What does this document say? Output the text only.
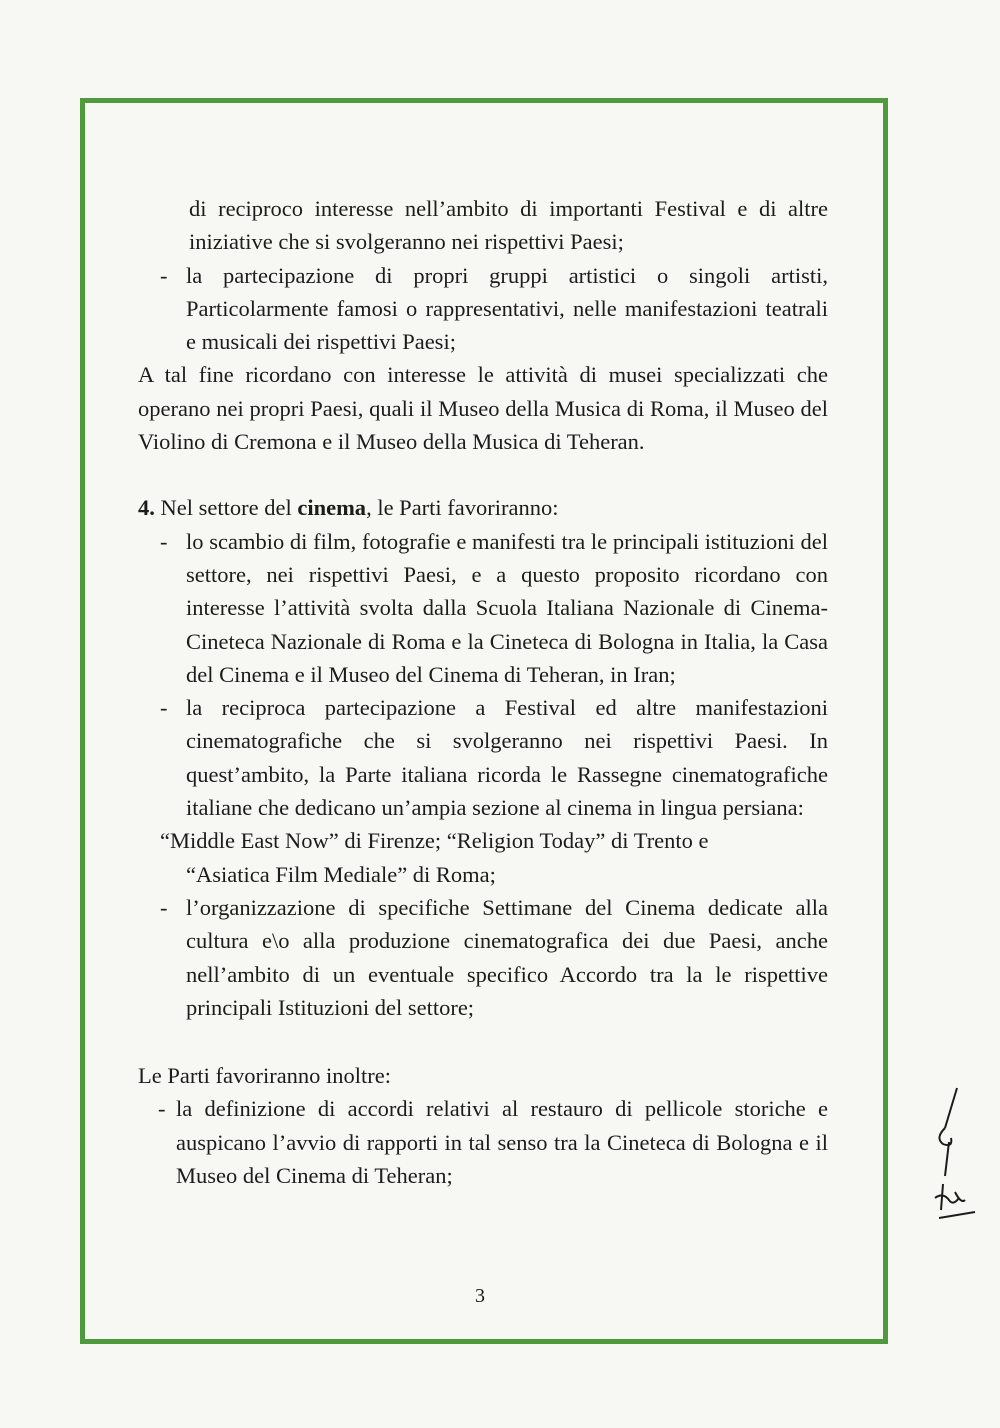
di reciproco interesse nell’ambito di importanti Festival e di altre iniziative che si svolgeranno nei rispettivi Paesi;
- la partecipazione di propri gruppi artistici o singoli artisti, Particolarmente famosi o rappresentativi, nelle manifestazioni teatrali e musicali dei rispettivi Paesi;
A tal fine ricordano con interesse le attività di musei specializzati che operano nei propri Paesi, quali il Museo della Musica di Roma, il Museo del Violino di Cremona e il Museo della Musica di Teheran.
4. Nel settore del cinema, le Parti favoriranno:
- lo scambio di film, fotografie e manifesti tra le principali istituzioni del settore, nei rispettivi Paesi, e a questo proposito ricordano con interesse l’attività svolta dalla Scuola Italiana Nazionale di Cinema-Cineteca Nazionale di Roma e la Cineteca di Bologna in Italia, la Casa del Cinema e il Museo del Cinema di Teheran, in Iran;
- la reciproca partecipazione a Festival ed altre manifestazioni cinematografiche che si svolgeranno nei rispettivi Paesi. In quest’ambito, la Parte italiana ricorda le Rassegne cinematografiche italiane che dedicano un’ampia sezione al cinema in lingua persiana:
“Middle East Now” di Firenze; “Religion Today” di Trento e
“Asiatica Film Mediale” di Roma;
- l’organizzazione di specifiche Settimane del Cinema dedicate alla cultura e\o alla produzione cinematografica dei due Paesi, anche nell’ambito di un eventuale specifico Accordo tra la le rispettive principali Istituzioni del settore;
Le Parti favoriranno inoltre:
- la definizione di accordi relativi al restauro di pellicole storiche e auspicano l’avvio di rapporti in tal senso tra la Cineteca di Bologna e il Museo del Cinema di Teheran;
3
